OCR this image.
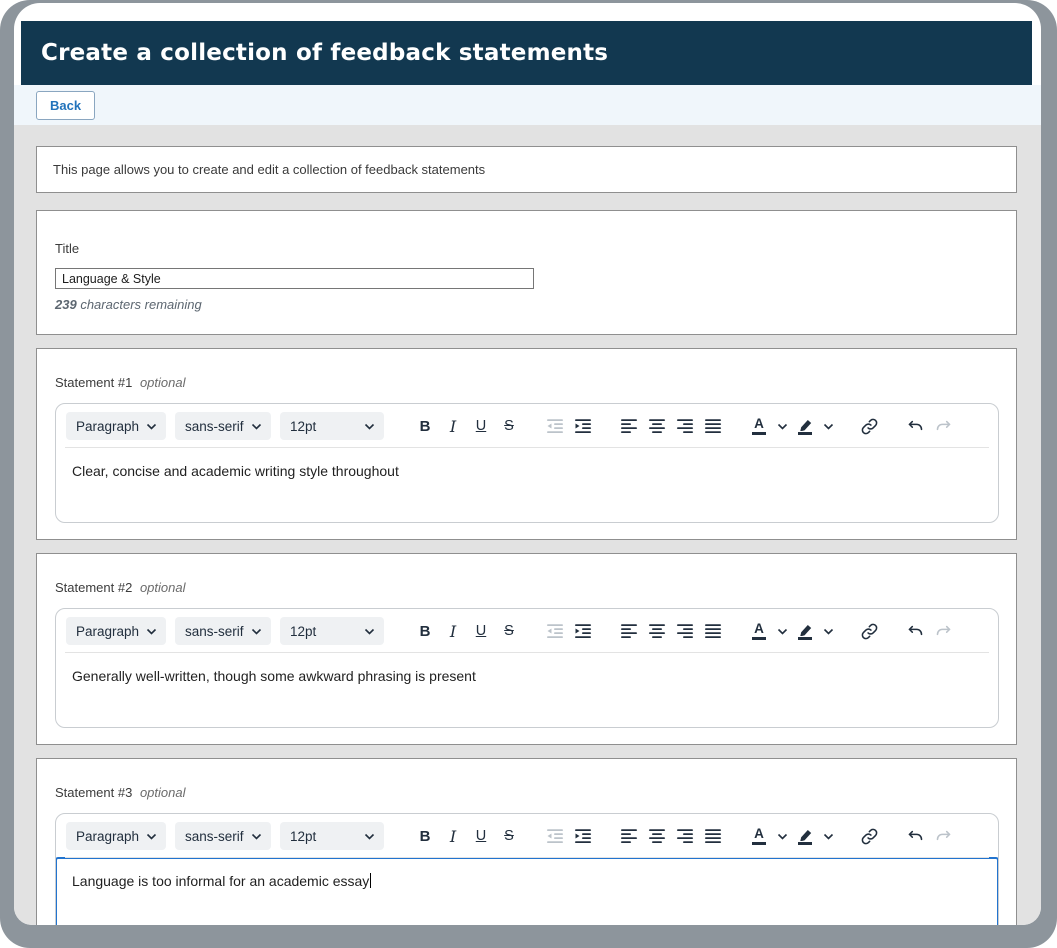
Create a collection of feedback statements
Back
This page allows you to create and edit a collection of feedback statements
Title
Language & Style
239 characters remaining
Statement #1 optional
Paragraph	sans-serif	12pt	B I U S	A
Clear, concise and academic writing style throughout
Statement #2 optional
Paragraph	sans-serif	12pt	B I U S	A
Generally well-written, though some awkward phrasing is present
Statement #3 optional
Paragraph	sans-serif	12pt	B I U S	A
Language is too informal for an academic essay
